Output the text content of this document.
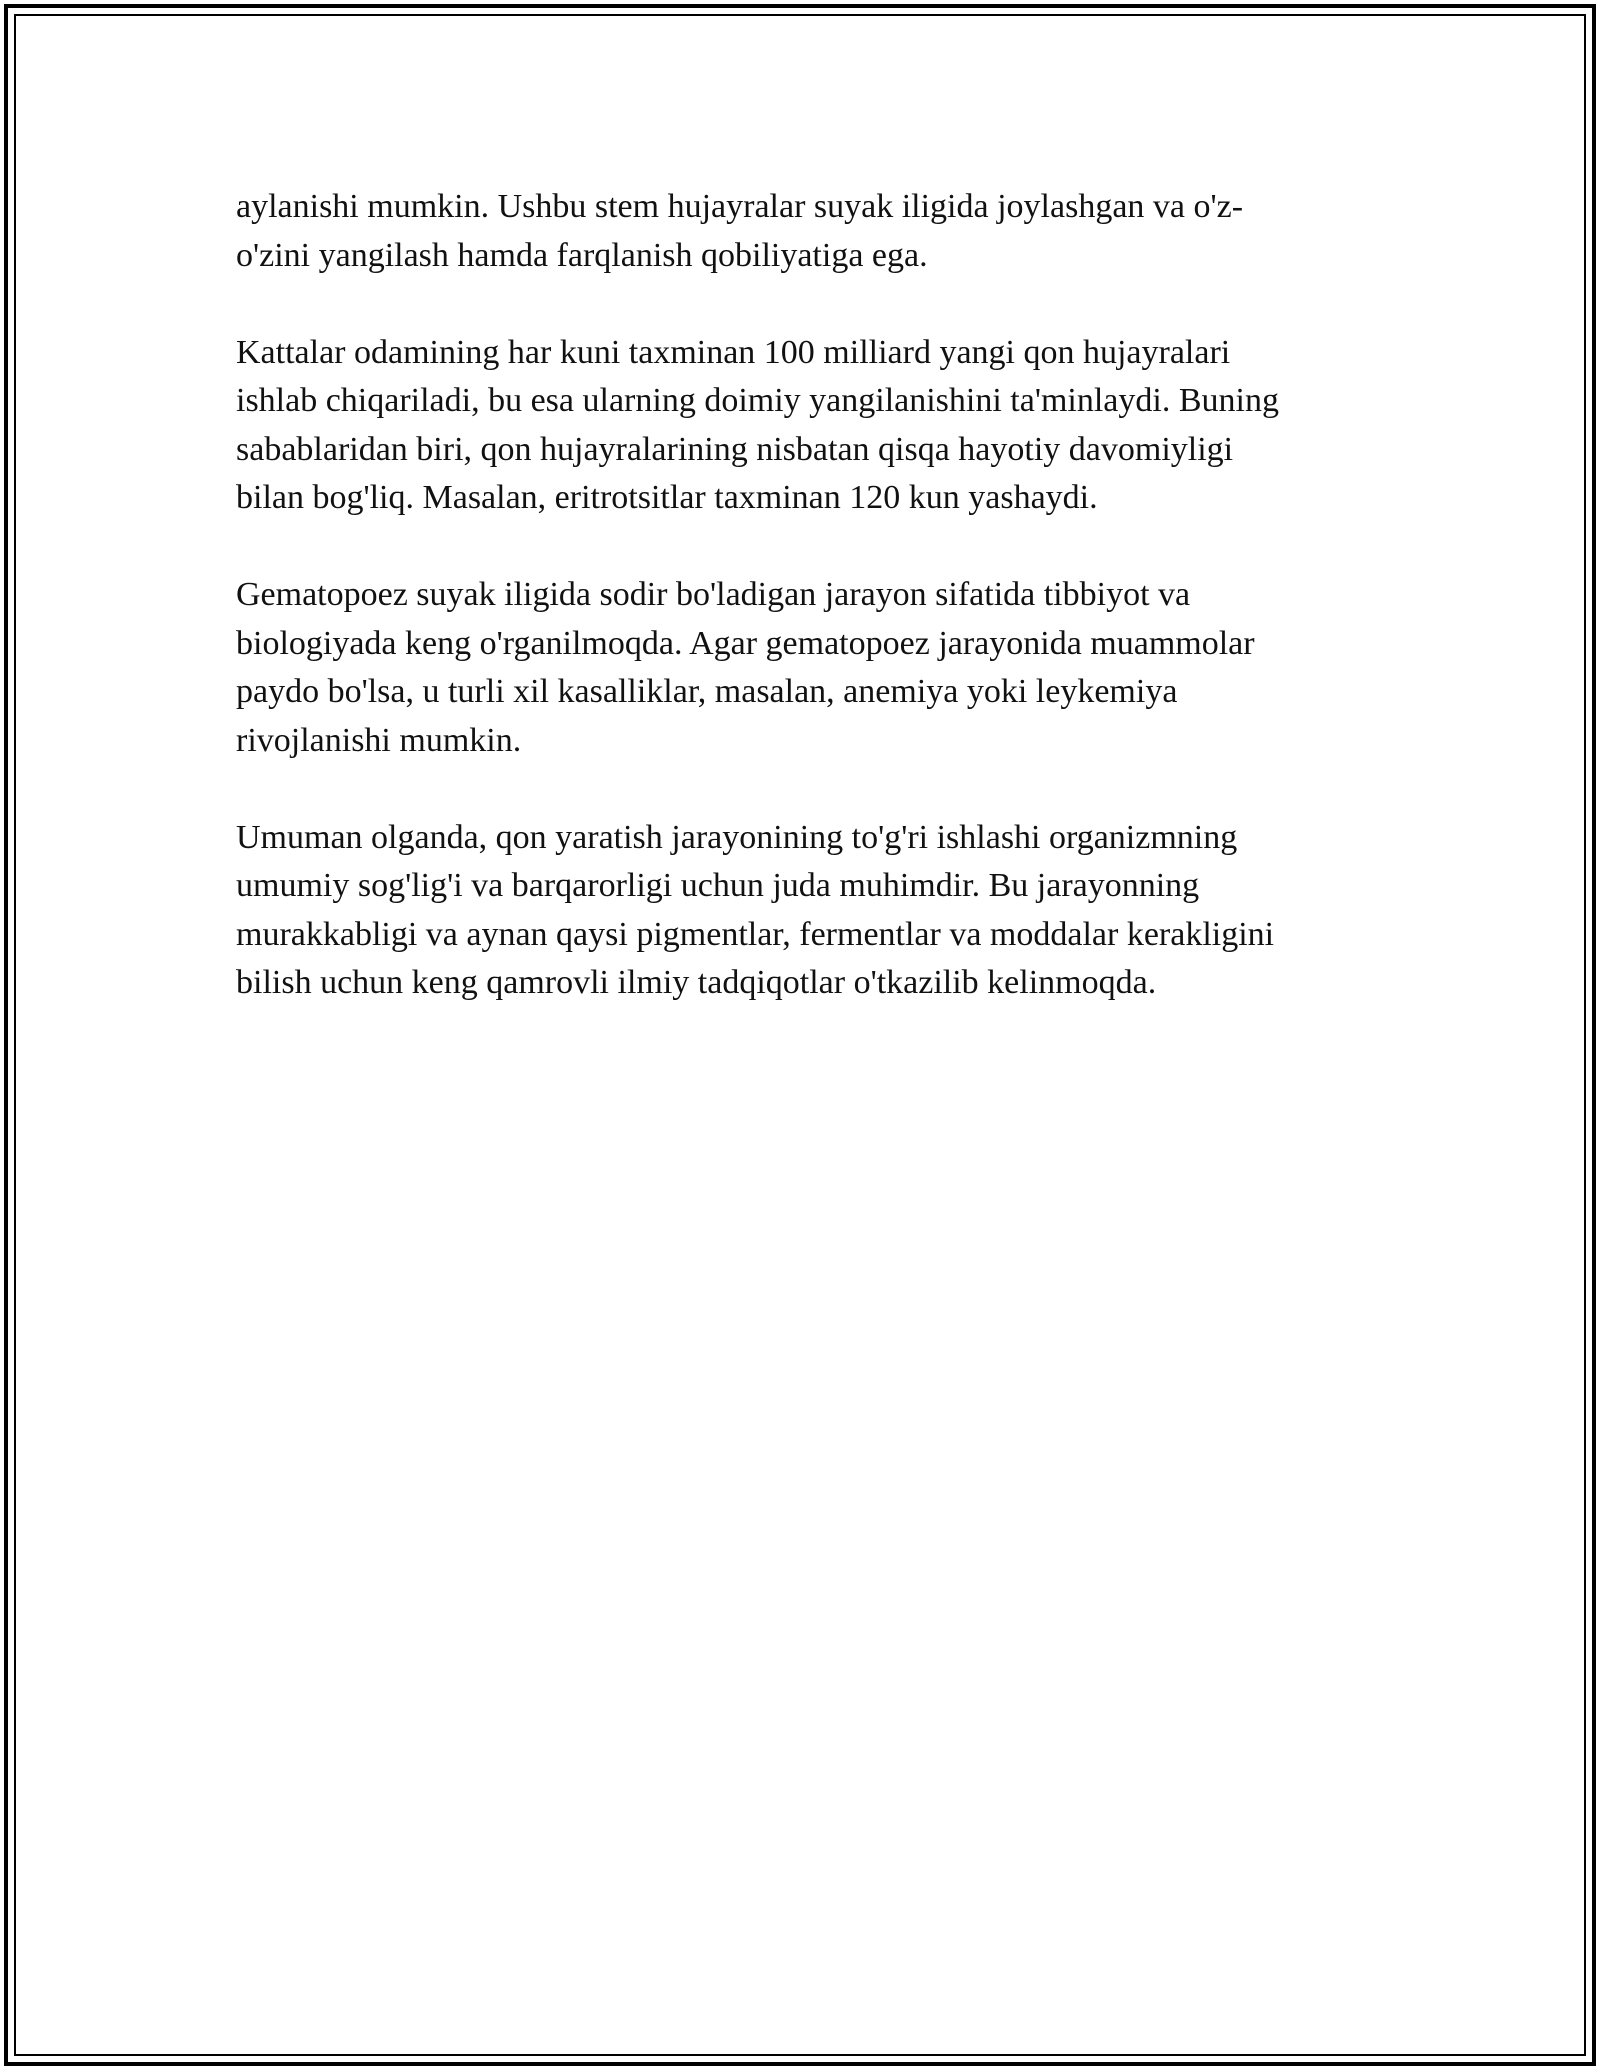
aylanishi mumkin. Ushbu stem hujayralar suyak iligida joylashgan va o'z-
o'zini yangilash hamda farqlanish qobiliyatiga ega.

Kattalar odamining har kuni taxminan 100 milliard yangi qon hujayralari
ishlab chiqariladi, bu esa ularning doimiy yangilanishini ta'minlaydi. Buning
sabablaridan biri, qon hujayralarining nisbatan qisqa hayotiy davomiyligi
bilan bog'liq. Masalan, eritrotsitlar taxminan 120 kun yashaydi.

Gematopoez suyak iligida sodir bo'ladigan jarayon sifatida tibbiyot va
biologiyada keng o'rganilmoqda. Agar gematopoez jarayonida muammolar
paydo bo'lsa, u turli xil kasalliklar, masalan, anemiya yoki leykemiya
rivojlanishi mumkin.

Umuman olganda, qon yaratish jarayonining to'g'ri ishlashi organizmning
umumiy sog'lig'i va barqarorligi uchun juda muhimdir. Bu jarayonning
murakkabligi va aynan qaysi pigmentlar, fermentlar va moddalar kerakligini
bilish uchun keng qamrovli ilmiy tadqiqotlar o'tkazilib kelinmoqda.
